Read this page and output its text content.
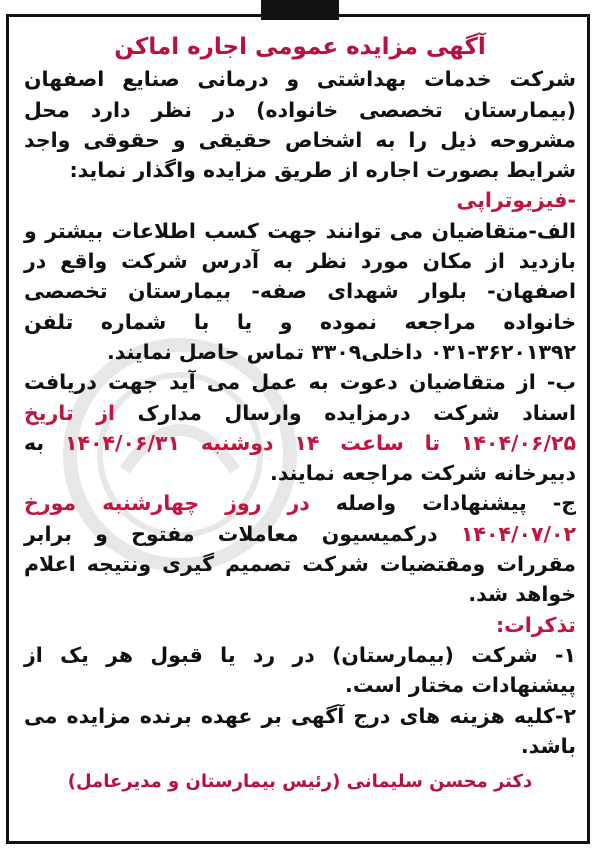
آگهی مزایده عمومی اجاره اماکن

شرکت خدمات بهداشتی و درمانی صنایع اصفهان (بیمارستان تخصصی خانواده) در نظر دارد محل مشروحه ذیل را به اشخاص حقیقی و حقوقی واجد شرایط بصورت اجاره از طریق مزایده واگذار نماید:

-فیزیوتراپی

الف-متقاضیان می توانند جهت کسب اطلاعات بیشتر و بازدید از مکان مورد نظر به آدرس شرکت واقع در اصفهان- بلوار شهدای صفه- بیمارستان تخصصی خانواده مراجعه نموده و یا با شماره تلفن ۳۶۲۰۱۳۹۲-۰۳۱ داخلی۳۳۰۹ تماس حاصل نمایند.

ب- از متقاضیان دعوت به عمل می آید جهت دریافت اسناد شرکت درمزایده وارسال مدارک از تاریخ ۱۴۰۴/۰۶/۲۵ تا ساعت ۱۴ دوشنبه ۱۴۰۴/۰۶/۳۱ به دبیرخانه شرکت مراجعه نمایند.

ج- پیشنهادات واصله در روز چهارشنبه مورخ ۱۴۰۴/۰۷/۰۲ درکمیسیون معاملات مفتوح و برابر مقررات ومقتضیات شرکت تصمیم گیری ونتیجه اعلام خواهد شد.

تذکرات:

۱- شرکت (بیمارستان) در رد یا قبول هر یک از پیشنهادات مختار است.

۲-کلیه هزینه های درج آگهی بر عهده برنده مزایده می باشد.

دکتر محسن سلیمانی (رئیس بیمارستان و مدیرعامل)
